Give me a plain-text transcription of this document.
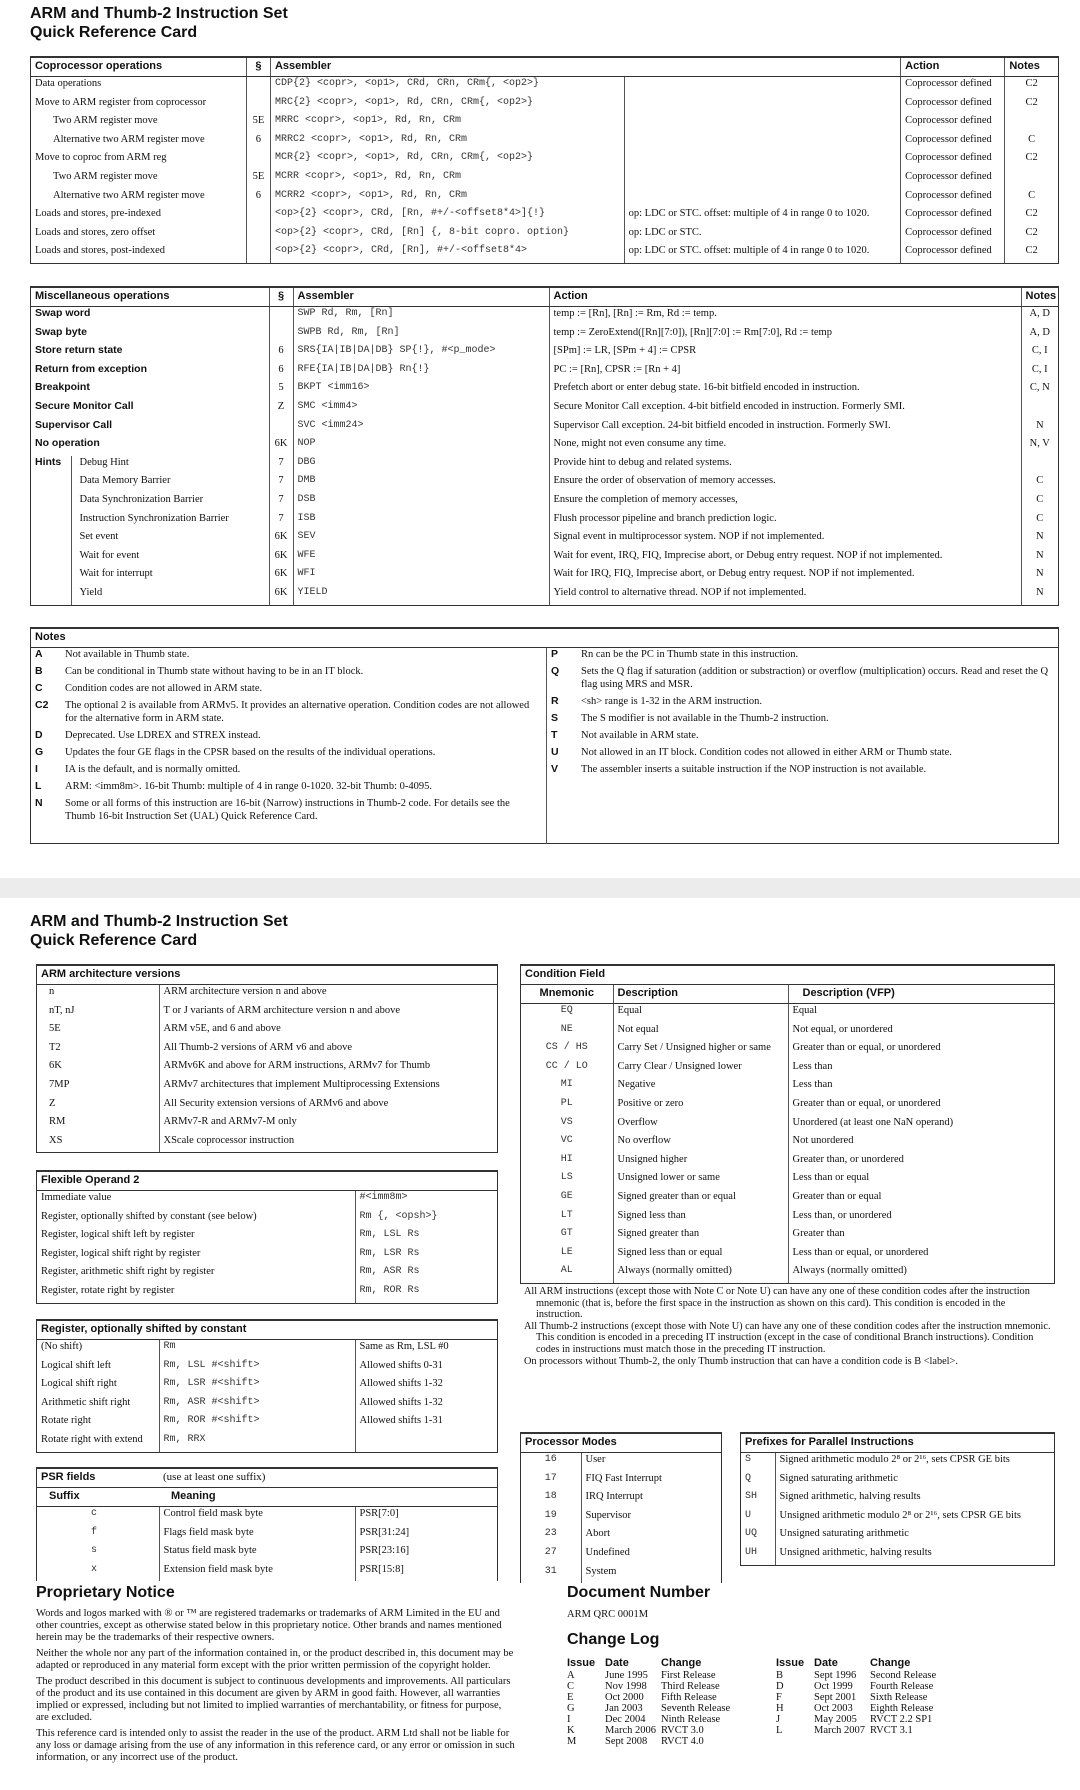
ARM and Thumb-2 Instruction Set
Quick Reference Card
Coprocessor operations	§	Assembler		Action	Notes
Data operations		CDP{2} <copr>, <op1>, CRd, CRn, CRm{, <op2>}		Coprocessor defined	C2
Move to ARM register from coprocessor		MRC{2} <copr>, <op1>, Rd, CRn, CRm{, <op2>}		Coprocessor defined	C2
Two ARM register move	5E	MRRC <copr>, <op1>, Rd, Rn, CRm		Coprocessor defined	
Alternative two ARM register move	6	MRRC2 <copr>, <op1>, Rd, Rn, CRm		Coprocessor defined	C
Move to coproc from ARM reg		MCR{2} <copr>, <op1>, Rd, CRn, CRm{, <op2>}		Coprocessor defined	C2
Two ARM register move	5E	MCRR <copr>, <op1>, Rd, Rn, CRm		Coprocessor defined	
Alternative two ARM register move	6	MCRR2 <copr>, <op1>, Rd, Rn, CRm		Coprocessor defined	C
Loads and stores, pre-indexed		<op>{2} <copr>, CRd, [Rn, #+/-<offset8*4>]{!}	op: LDC or STC. offset: multiple of 4 in range 0 to 1020.	Coprocessor defined	C2
Loads and stores, zero offset		<op>{2} <copr>, CRd, [Rn] {, 8-bit copro. option}	op: LDC or STC.	Coprocessor defined	C2
Loads and stores, post-indexed		<op>{2} <copr>, CRd, [Rn], #+/-<offset8*4>	op: LDC or STC. offset: multiple of 4 in range 0 to 1020.	Coprocessor defined	C2
Miscellaneous operations		§	Assembler	Action	Notes
Swap word			SWP Rd, Rm, [Rn]	temp := [Rn], [Rn] := Rm, Rd := temp.	A, D
Swap byte			SWPB Rd, Rm, [Rn]	temp := ZeroExtend([Rn][7:0]), [Rn][7:0] := Rm[7:0], Rd := temp	A, D
Store return state		6	SRS{IA|IB|DA|DB} SP{!}, #<p_mode>	[SPm] := LR, [SPm + 4] := CPSR	C, I
Return from exception		6	RFE{IA|IB|DA|DB} Rn{!}	PC := [Rn], CPSR := [Rn + 4]	C, I
Breakpoint		5	BKPT <imm16>	Prefetch abort or enter debug state. 16-bit bitfield encoded in instruction.	C, N
Secure Monitor Call		Z	SMC <imm4>	Secure Monitor Call exception. 4-bit bitfield encoded in instruction. Formerly SMI.	
Supervisor Call			SVC <imm24>	Supervisor Call exception. 24-bit bitfield encoded in instruction. Formerly SWI.	N
No operation		6K	NOP	None, might not even consume any time.	N, V
Hints	Debug Hint	7	DBG	Provide hint to debug and related systems.	
	Data Memory Barrier	7	DMB	Ensure the order of observation of memory accesses.	C
	Data Synchronization Barrier	7	DSB	Ensure the completion of memory accesses,	C
	Instruction Synchronization Barrier	7	ISB	Flush processor pipeline and branch prediction logic.	C
	Set event	6K	SEV	Signal event in multiprocessor system. NOP if not implemented.	N
	Wait for event	6K	WFE	Wait for event, IRQ, FIQ, Imprecise abort, or Debug entry request. NOP if not implemented.	N
	Wait for interrupt	6K	WFI	Wait for IRQ, FIQ, Imprecise abort, or Debug entry request. NOP if not implemented.	N
	Yield	6K	YIELD	Yield control to alternative thread. NOP if not implemented.	N
Notes
A	Not available in Thumb state.
B	Can be conditional in Thumb state without having to be in an IT block.
C	Condition codes are not allowed in ARM state.
C2	The optional 2 is available from ARMv5. It provides an alternative operation. Condition codes are not allowed for the alternative form in ARM state.
D	Deprecated. Use LDREX and STREX instead.
G	Updates the four GE flags in the CPSR based on the results of the individual operations.
I	IA is the default, and is normally omitted.
L	ARM: <imm8m>. 16-bit Thumb: multiple of 4 in range 0-1020. 32-bit Thumb: 0-4095.
N	Some or all forms of this instruction are 16-bit (Narrow) instructions in Thumb-2 code. For details see the Thumb 16-bit Instruction Set (UAL) Quick Reference Card.
P	Rn can be the PC in Thumb state in this instruction.
Q	Sets the Q flag if saturation (addition or substraction) or overflow (multiplication) occurs. Read and reset the Q flag using MRS and MSR.
R	<sh> range is 1-32 in the ARM instruction.
S	The S modifier is not available in the Thumb-2 instruction.
T	Not available in ARM state.
U	Not allowed in an IT block. Condition codes not allowed in either ARM or Thumb state.
V	The assembler inserts a suitable instruction if the NOP instruction is not available.
ARM and Thumb-2 Instruction Set
Quick Reference Card
ARM architecture versions	
n	ARM architecture version n and above
nT, nJ	T or J variants of ARM architecture version n and above
5E	ARM v5E, and 6 and above
T2	All Thumb-2 versions of ARM v6 and above
6K	ARMv6K and above for ARM instructions, ARMv7 for Thumb
7MP	ARMv7 architectures that implement Multiprocessing Extensions
Z	All Security extension versions of ARMv6 and above
RM	ARMv7-R and ARMv7-M only
XS	XScale coprocessor instruction
Flexible Operand 2	
Immediate value	#<imm8m>
Register, optionally shifted by constant (see below)	Rm {, <opsh>}
Register, logical shift left by register	Rm, LSL Rs
Register, logical shift right by register	Rm, LSR Rs
Register, arithmetic shift right by register	Rm, ASR Rs
Register, rotate right by register	Rm, ROR Rs
Register, optionally shifted by constant		
(No shift)	Rm	Same as Rm, LSL #0
Logical shift left	Rm, LSL #<shift>	Allowed shifts 0-31
Logical shift right	Rm, LSR #<shift>	Allowed shifts 1-32
Arithmetic shift right	Rm, ASR #<shift>	Allowed shifts 1-32
Rotate right	Rm, ROR #<shift>	Allowed shifts 1-31
Rotate right with extend	Rm, RRX	
PSR fields	(use at least one suffix)	
Suffix	Meaning	
c	Control field mask byte	PSR[7:0]
f	Flags field mask byte	PSR[31:24]
s	Status field mask byte	PSR[23:16]
x	Extension field mask byte	PSR[15:8]
Condition Field		
Mnemonic	Description	Description (VFP)
EQ	Equal	Equal
NE	Not equal	Not equal, or unordered
CS / HS	Carry Set / Unsigned higher or same	Greater than or equal, or unordered
CC / LO	Carry Clear / Unsigned lower	Less than
MI	Negative	Less than
PL	Positive or zero	Greater than or equal, or unordered
VS	Overflow	Unordered (at least one NaN operand)
VC	No overflow	Not unordered
HI	Unsigned higher	Greater than, or unordered
LS	Unsigned lower or same	Less than or equal
GE	Signed greater than or equal	Greater than or equal
LT	Signed less than	Less than, or unordered
GT	Signed greater than	Greater than
LE	Signed less than or equal	Less than or equal, or unordered
AL	Always (normally omitted)	Always (normally omitted)

All ARM instructions (except those with Note C or Note U) can have any one of these condition codes after the instruction mnemonic (that is, before the first space in the instruction as shown on this card). This condition is encoded in the instruction.

All Thumb-2 instructions (except those with Note U) can have any one of these condition codes after the instruction mnemonic. This condition is encoded in a preceding IT instruction (except in the case of conditional Branch instructions). Condition codes in instructions must match those in the preceding IT instruction.

On processors without Thumb-2, the only Thumb instruction that can have a condition code is B <label>.

Processor Modes	
16	User
17	FIQ Fast Interrupt
18	IRQ Interrupt
19	Supervisor
23	Abort
27	Undefined
31	System
Prefixes for Parallel Instructions	
S	Signed arithmetic modulo 2⁸ or 2¹⁶, sets CPSR GE bits
Q	Signed saturating arithmetic
SH	Signed arithmetic, halving results
U	Unsigned arithmetic modulo 2⁸ or 2¹⁶, sets CPSR GE bits
UQ	Unsigned saturating arithmetic
UH	Unsigned arithmetic, halving results
Proprietary Notice

Words and logos marked with ® or ™ are registered trademarks or trademarks of ARM Limited in the EU and other countries, except as otherwise stated below in this proprietary notice. Other brands and names mentioned herein may be the trademarks of their respective owners.

Neither the whole nor any part of the information contained in, or the product described in, this document may be adapted or reproduced in any material form except with the prior written permission of the copyright holder.

The product described in this document is subject to continuous developments and improvements. All particulars of the product and its use contained in this document are given by ARM in good faith. However, all warranties implied or expressed, including but not limited to implied warranties of merchantability, or fitness for purpose, are excluded.

This reference card is intended only to assist the reader in the use of the product. ARM Ltd shall not be liable for any loss or damage arising from the use of any information in this reference card, or any error or omission in such information, or any incorrect use of the product.

Document Number
ARM QRC 0001M
Change Log
Issue	Date	Change	Issue	Date	Change
A	June 1995	First Release	B	Sept 1996	Second Release
C	Nov 1998	Third Release	D	Oct 1999	Fourth Release
E	Oct 2000	Fifth Release	F	Sept 2001	Sixth Release
G	Jan 2003	Seventh Release	H	Oct 2003	Eighth Release
I	Dec 2004	Ninth Release	J	May 2005	RVCT 2.2 SP1
K	March 2006	RVCT 3.0	L	March 2007	RVCT 3.1
M	Sept 2008	RVCT 4.0			
